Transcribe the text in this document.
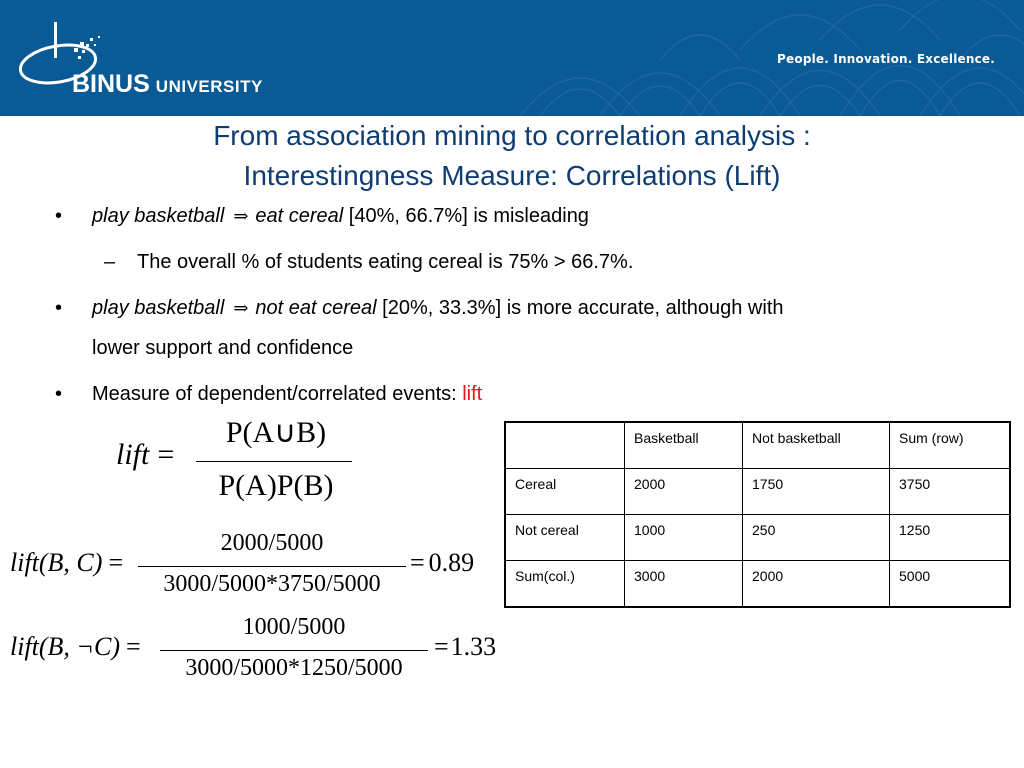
BINUS UNIVERSITY
People. Innovation. Excellence.
From association mining to correlation analysis :
Interestingness Measure: Correlations (Lift)
• play basketball ⇒ eat cereal [40%, 66.7%] is misleading
– The overall % of students eating cereal is 75% > 66.7%.
• play basketball ⇒ not eat cereal [20%, 33.3%] is more accurate, although with
lower support and confidence
• Measure of dependent/correlated events: lift
lift =
P(A∪B)
P(A)P(B)
lift(B, C) =
2000/5000
3000/5000*3750/5000
= 0.89
lift(B, ¬C) =
1000/5000
3000/5000*1250/5000
=1.33
	Basketball	Not basketball	Sum (row)
Cereal	2000	1750	3750
Not cereal	1000	250	1250
Sum(col.)	3000	2000	5000
